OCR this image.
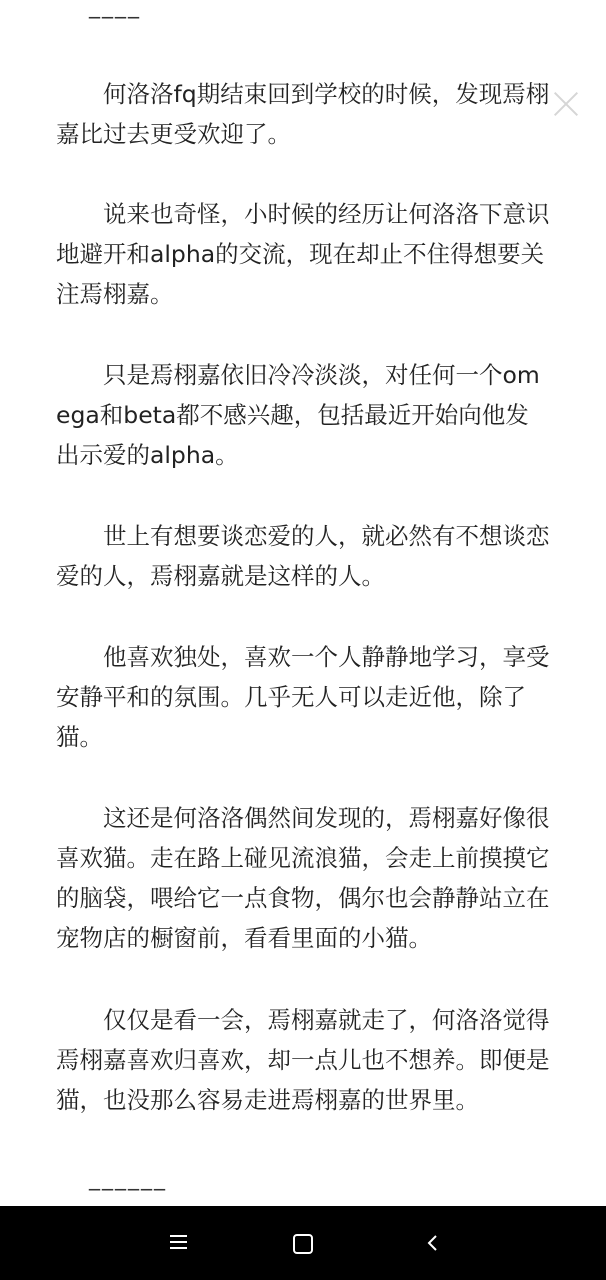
____

何洛洛fq期结束回到学校的时候，发现焉栩嘉比过去更受欢迎了。

说来也奇怪，小时候的经历让何洛洛下意识地避开和alpha的交流，现在却止不住得想要关注焉栩嘉。

只是焉栩嘉依旧冷冷淡淡，对任何一个omega和beta都不感兴趣，包括最近开始向他发出示爱的alpha。

世上有想要谈恋爱的人，就必然有不想谈恋爱的人，焉栩嘉就是这样的人。

他喜欢独处，喜欢一个人静静地学习，享受安静平和的氛围。几乎无人可以走近他，除了猫。

这还是何洛洛偶然间发现的，焉栩嘉好像很喜欢猫。走在路上碰见流浪猫，会走上前摸摸它的脑袋，喂给它一点食物，偶尔也会静静站立在宠物店的橱窗前，看看里面的小猫。

仅仅是看一会，焉栩嘉就走了，何洛洛觉得焉栩嘉喜欢归喜欢，却一点儿也不想养。即便是猫，也没那么容易走进焉栩嘉的世界里。

______
